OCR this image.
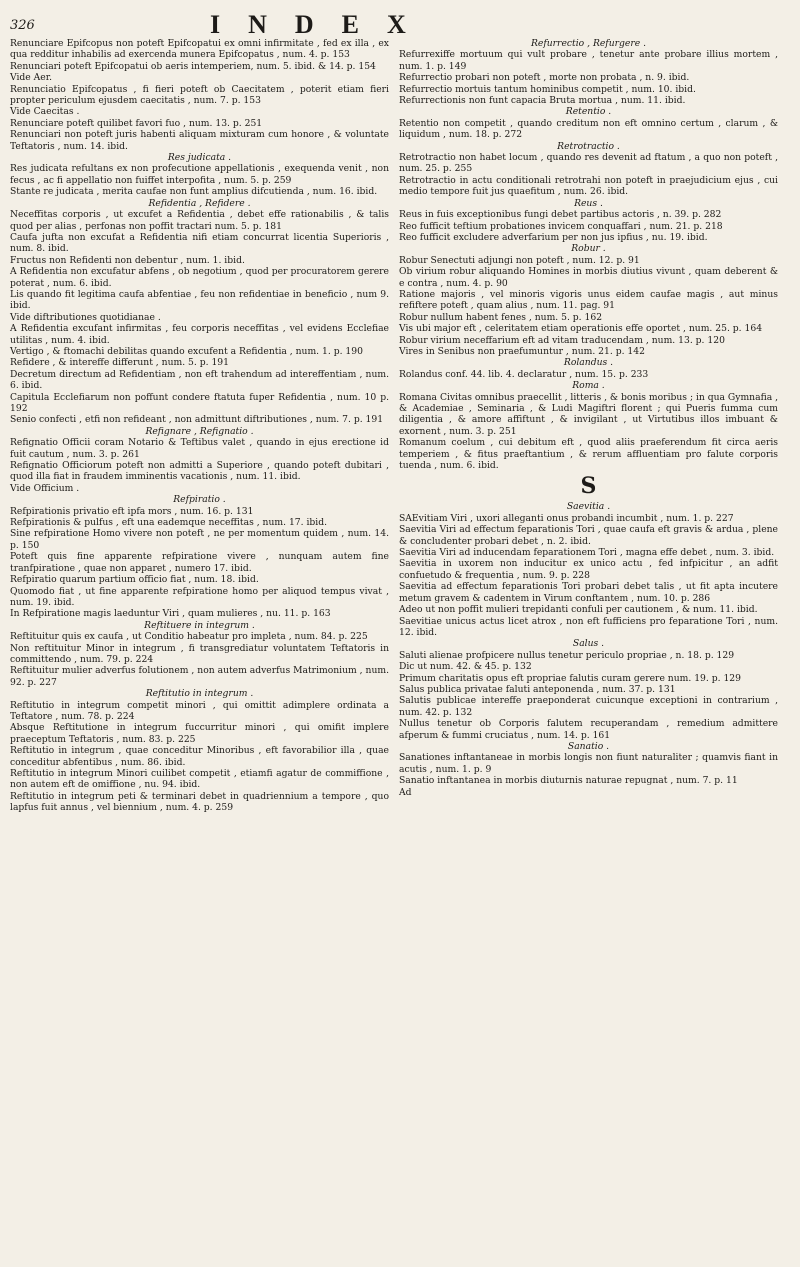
326	INDEX

Renunciare Epifcopus non poteft Epifcopatui ex omni infirmitate , fed ex illa , ex qua redditur inhabilis ad exercenda munera Epifcopatus , num. 4. p. 153

Renunciari poteft Epifcopatui ob aeris intemperiem, num. 5. ibid. & 14. p. 154

Vide Aer.

Renunciatio Epifcopatus , fi fieri poteft ob Caecitatem , poterit etiam fieri propter periculum ejusdem caecitatis , num. 7. p. 153

Vide Caecitas .

Renunciare poteft quilibet favori fuo , num. 13. p. 251

Renunciari non poteft juris habenti aliquam mixturam cum honore , & voluntate Teftatoris , num. 14. ibid.

Res judicata .

Res judicata refultans ex non profecutione appellationis , exequenda venit , non fecus , ac fi appellatio non fuiffet interpofita , num. 5. p. 259

Stante re judicata , merita caufae non funt amplius difcutienda , num. 16. ibid.

Refidentia , Refidere .

Neceffitas corporis , ut excufet a Refidentia , debet effe rationabilis , & talis quod per alias , perfonas non poffit tractari num. 5. p. 181

Caufa jufta non excufat a Refidentia nifi etiam concurrat licentia Superioris , num. 8. ibid.

Fructus non Refidenti non debentur , num. 1. ibid.

A Refidentia non excufatur abfens , ob negotium , quod per procuratorem gerere poterat , num. 6. ibid.

Lis quando fit legitima caufa abfentiae , feu non refidentiae in beneficio , num 9. ibid.

Vide diftributiones quotidianae .

A Refidentia excufant infirmitas , feu corporis neceffitas , vel evidens Ecclefiae utilitas , num. 4. ibid.

Vertigo , & ftomachi debilitas quando excufent a Refidentia , num. 1. p. 190

Refidere , & intereffe differunt , num. 5. p. 191

Decretum directum ad Refidentiam , non eft trahendum ad intereffentiam , num. 6. ibid.

Capitula Ecclefiarum non poffunt condere ftatuta fuper Refidentia , num. 10 p. 192

Senio confecti , etfi non refideant , non admittunt diftributiones , num. 7. p. 191

Refignare , Refignatio .

Refignatio Officii coram Notario & Teftibus valet , quando in ejus erectione id fuit cautum , num. 3. p. 261

Refignatio Officiorum poteft non admitti a Superiore , quando poteft dubitari , quod illa fiat in fraudem imminentis vacationis , num. 11. ibid.

Vide Officium .

Refpiratio .

Refpirationis privatio eft ipfa mors , num. 16. p. 131

Refpirationis & pulfus , eft una eademque neceffitas , num. 17. ibid.

Sine refpiratione Homo vivere non poteft , ne per momentum quidem , num. 14. p. 150

Poteft quis fine apparente refpiratione vivere , nunquam autem fine tranfpiratione , quae non apparet , numero 17. ibid.

Refpiratio quarum partium officio fiat , num. 18. ibid.

Quomodo fiat , ut fine apparente refpiratione homo per aliquod tempus vivat , num. 19. ibid.

In Refpiratione magis laeduntur Viri , quam mulieres , nu. 11. p. 163

Reftituere in integrum .

Reftituitur quis ex caufa , ut Conditio habeatur pro impleta , num. 84. p. 225

Non reftituitur Minor in integrum , fi transgrediatur voluntatem Teftatoris in committendo , num. 79. p. 224

Reftituitur mulier adverfus folutionem , non autem adverfus Matrimonium , num. 92. p. 227

Reftitutio in integrum .

Reftitutio in integrum competit minori , qui omittit adimplere ordinata a Teftatore , num. 78. p. 224

Absque Reftitutione in integrum fuccurritur minori , qui omifit implere praeceptum Teftatoris , num. 83. p. 225

Reftitutio in integrum , quae conceditur Minoribus , eft favorabilior illa , quae conceditur abfentibus , num. 86. ibid.

Reftitutio in integrum Minori cuilibet competit , etiamfi agatur de commiffione , non autem eft de omiffione , nu. 94. ibid.

Reftitutio in integrum peti & terminari debet in quadriennium a tempore , quo lapfus fuit annus , vel biennium , num. 4. p. 259

Refurrectio , Refurgere .

Refurrexiffe mortuum qui vult probare , tenetur ante probare illius mortem , num. 1. p. 149

Refurrectio probari non poteft , morte non probata , n. 9. ibid.

Refurrectio mortuis tantum hominibus competit , num. 10. ibid.

Refurrectionis non funt capacia Bruta mortua , num. 11. ibid.

Retentio .

Retentio non competit , quando creditum non eft omnino certum , clarum , & liquidum , num. 18. p. 272

Retrotractio .

Retrotractio non habet locum , quando res devenit ad ftatum , a quo non poteft , num. 25. p. 255

Retrotractio in actu conditionali retrotrahi non poteft in praejudicium ejus , cui medio tempore fuit jus quaefitum , num. 26. ibid.

Reus .

Reus in fuis exceptionibus fungi debet partibus actoris , n. 39. p. 282

Reo fufficit teftium probationes invicem conquaffari , num. 21. p. 218

Reo fufficit excludere adverfarium per non jus ipfius , nu. 19. ibid.

Robur .

Robur Senectuti adjungi non poteft , num. 12. p. 91

Ob virium robur aliquando Homines in morbis diutius vivunt , quam deberent & e contra , num. 4. p. 90

Ratione majoris , vel minoris vigoris unus eidem caufae magis , aut minus refiftere poteft , quam alius , num. 11. pag. 91

Robur nullum habent fenes , num. 5. p. 162

Vis ubi major eft , celeritatem etiam operationis effe oportet , num. 25. p. 164

Robur virium neceffarium eft ad vitam traducendam , num. 13. p. 120

Vires in Senibus non praefumuntur , num. 21. p. 142

Rolandus .

Rolandus conf. 44. lib. 4. declaratur , num. 15. p. 233

Roma .

Romana Civitas omnibus praecellit , litteris , & bonis moribus ; in qua Gymnafia , & Academiae , Seminaria , & Ludi Magiftri florent ; qui Pueris fumma cum diligentia , & amore affiftunt , & invigilant , ut Virtutibus illos imbuant & exornent , num. 3. p. 251

Romanum coelum , cui debitum eft , quod aliis praeferendum fit circa aeris temperiem , & fitus praeftantium , & rerum affluentiam pro falute corporis tuenda , num. 6. ibid.

S

Saevitia .

SAEvitiam Viri , uxori alleganti onus probandi incumbit , num. 1. p. 227

Saevitia Viri ad effectum feparationis Tori , quae caufa eft gravis & ardua , plene & concludenter probari debet , n. 2. ibid.

Saevitia Viri ad inducendam feparationem Tori , magna effe debet , num. 3. ibid.

Saevitia in uxorem non inducitur ex unico actu , fed infpicitur , an adfit confuetudo & frequentia , num. 9. p. 228

Saevitia ad effectum feparationis Tori probari debet talis , ut fit apta incutere metum gravem & cadentem in Virum conftantem , num. 10. p. 286

Adeo ut non poffit mulieri trepidanti confuli per cautionem , & num. 11. ibid.

Saevitiae unicus actus licet atrox , non eft fufficiens pro feparatione Tori , num. 12. ibid.

Salus .

Saluti alienae profpicere nullus tenetur periculo propriae , n. 18. p. 129

Dic ut num. 42. & 45. p. 132

Primum charitatis opus eft propriae falutis curam gerere num. 19. p. 129

Salus publica privatae faluti anteponenda , num. 37. p. 131

Salutis publicae intereffe praeponderat cuicunque exceptioni in contrarium , num. 42. p. 132

Nullus tenetur ob Corporis falutem recuperandam , remedium admittere afperum & fummi cruciatus , num. 14. p. 161

Sanatio .

Sanationes inftantaneae in morbis longis non fiunt naturaliter ; quamvis fiant in acutis , num. 1. p. 9

Sanatio inftantanea in morbis diuturnis naturae repugnat , num. 7. p. 11

Ad
